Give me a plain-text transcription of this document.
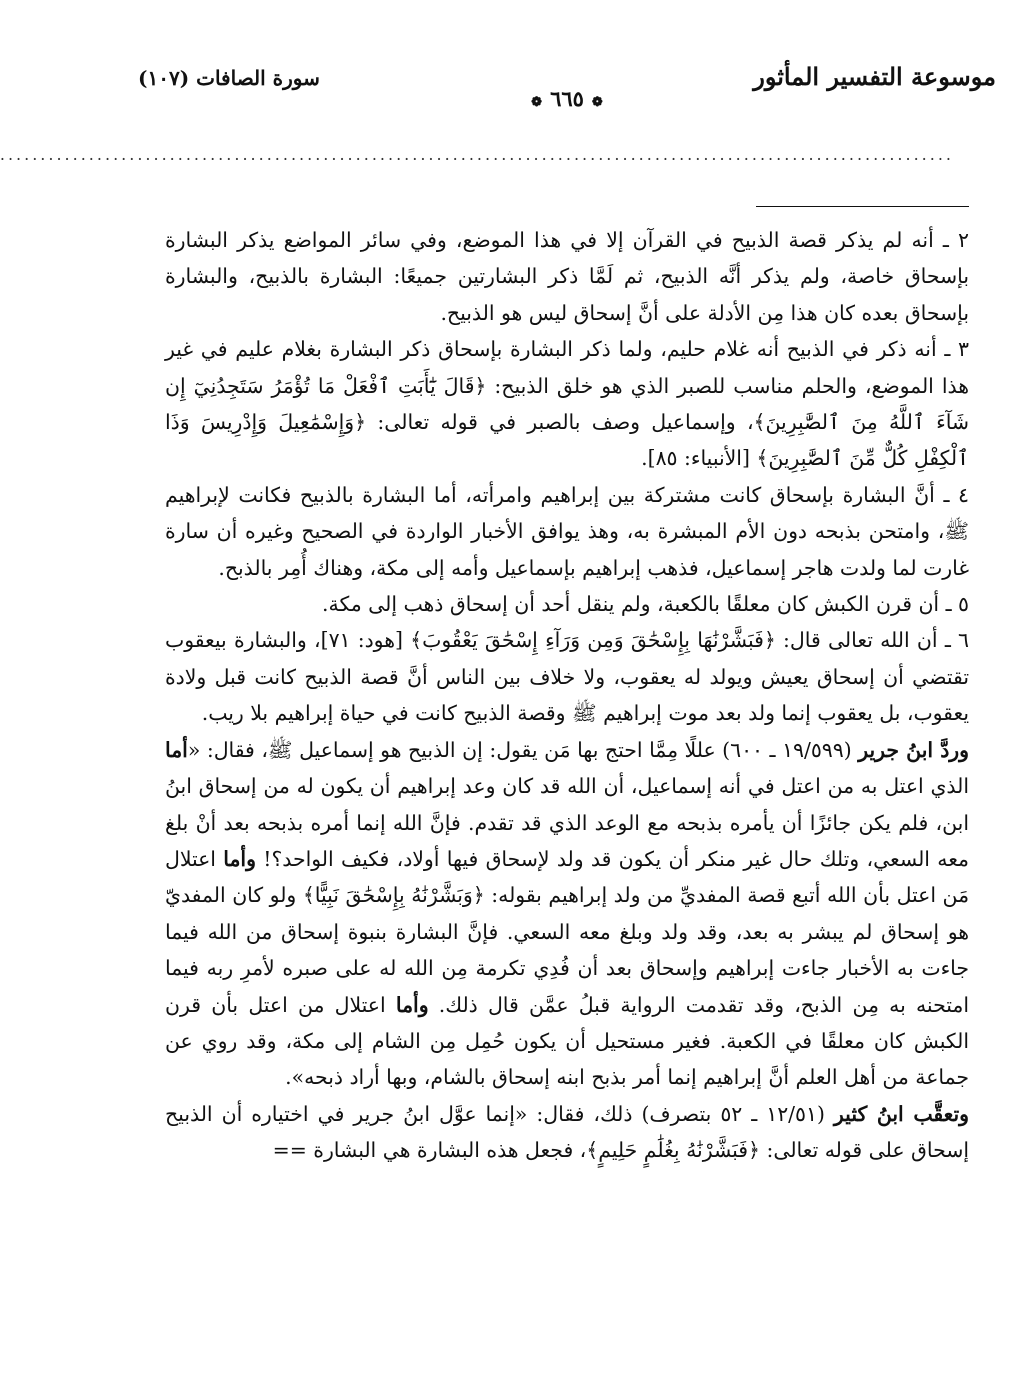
موسوعة التفسير المأثور
❁٦٦٥❁
سورة الصافات (١٠٧)
......................................................................................................................

٢ ـ أنه لم يذكر قصة الذبيح في القرآن إلا في هذا الموضع، وفي سائر المواضع يذكر البشارة بإسحاق خاصة، ولم يذكر أنَّه الذبيح، ثم لَمَّا ذكر البشارتين جميعًا: البشارة بالذبيح، والبشارة بإسحاق بعده كان هذا مِن الأدلة على أنَّ إسحاق ليس هو الذبيح.

٣ ـ أنه ذكر في الذبيح أنه غلام حليم، ولما ذكر البشارة بإسحاق ذكر البشارة بغلام عليم في غير هذا الموضع، والحلم مناسب للصبر الذي هو خلق الذبيح: ﴿قَالَ يَٰٓأَبَتِ ٱفْعَلْ مَا تُؤْمَرُ سَتَجِدُنِيٓ إِن شَآءَ ٱللَّهُ مِنَ ٱلصَّٰبِرِينَ﴾، وإسماعيل وصف بالصبر في قوله تعالى: ﴿وَإِسْمَٰعِيلَ وَإِدْرِيسَ وَذَا ٱلْكِفْلِ كُلٌّ مِّنَ ٱلصَّٰبِرِينَ﴾ [الأنبياء: ٨٥].

٤ ـ أنَّ البشارة بإسحاق كانت مشتركة بين إبراهيم وامرأته، أما البشارة بالذبيح فكانت لإبراهيم ﷺ، وامتحن بذبحه دون الأم المبشرة به، وهذ يوافق الأخبار الواردة في الصحيح وغيره أن سارة غارت لما ولدت هاجر إسماعيل، فذهب إبراهيم بإسماعيل وأمه إلى مكة، وهناك أُمِر بالذبح.

٥ ـ أن قرن الكبش كان معلقًا بالكعبة، ولم ينقل أحد أن إسحاق ذهب إلى مكة.

٦ ـ أن الله تعالى قال: ﴿فَبَشَّرْنَٰهَا بِإِسْحَٰقَ وَمِن وَرَآءِ إِسْحَٰقَ يَعْقُوبَ﴾ [هود: ٧١]، والبشارة بيعقوب تقتضي أن إسحاق يعيش ويولد له يعقوب، ولا خلاف بين الناس أنَّ قصة الذبيح كانت قبل ولادة يعقوب، بل يعقوب إنما ولد بعد موت إبراهيم ﷺ وقصة الذبيح كانت في حياة إبراهيم بلا ريب.

وردَّ ابنُ جرير (١٩/٥٩٩ ـ ٦٠٠) عللًا مِمَّا احتج بها مَن يقول: إن الذبيح هو إسماعيل ﷺ، فقال: «أما الذي اعتل به من اعتل في أنه إسماعيل، أن الله قد كان وعد إبراهيم أن يكون له من إسحاق ابنُ ابن، فلم يكن جائزًا أن يأمره بذبحه مع الوعد الذي قد تقدم. فإنَّ الله إنما أمره بذبحه بعد أنْ بلغ معه السعي، وتلك حال غير منكر أن يكون قد ولد لإسحاق فيها أولاد، فكيف الواحد؟! وأما اعتلال مَن اعتل بأن الله أتبع قصة المفديِّ من ولد إبراهيم بقوله: ﴿وَبَشَّرْنَٰهُ بِإِسْحَٰقَ نَبِيًّا﴾ ولو كان المفديّ هو إسحاق لم يبشر به بعد، وقد ولد وبلغ معه السعي. فإنَّ البشارة بنبوة إسحاق من الله فيما جاءت به الأخبار جاءت إبراهيم وإسحاق بعد أن فُدِي تكرمة مِن الله له على صبره لأمرِ ربه فيما امتحنه به مِن الذبح، وقد تقدمت الرواية قبلُ عمَّن قال ذلك. وأما اعتلال من اعتل بأن قرن الكبش كان معلقًا في الكعبة. فغير مستحيل أن يكون حُمِل مِن الشام إلى مكة، وقد روي عن جماعة من أهل العلم أنَّ إبراهيم إنما أمر بذبح ابنه إسحاق بالشام، وبها أراد ذبحه».

وتعقَّب ابنُ كثير (١٢/٥١ ـ ٥٢ بتصرف) ذلك، فقال: «إنما عوَّل ابنُ جرير في اختياره أن الذبيح إسحاق على قوله تعالى: ﴿فَبَشَّرْنَٰهُ بِغُلَٰمٍ حَلِيمٍ﴾، فجعل هذه البشارة هي البشارة ==
